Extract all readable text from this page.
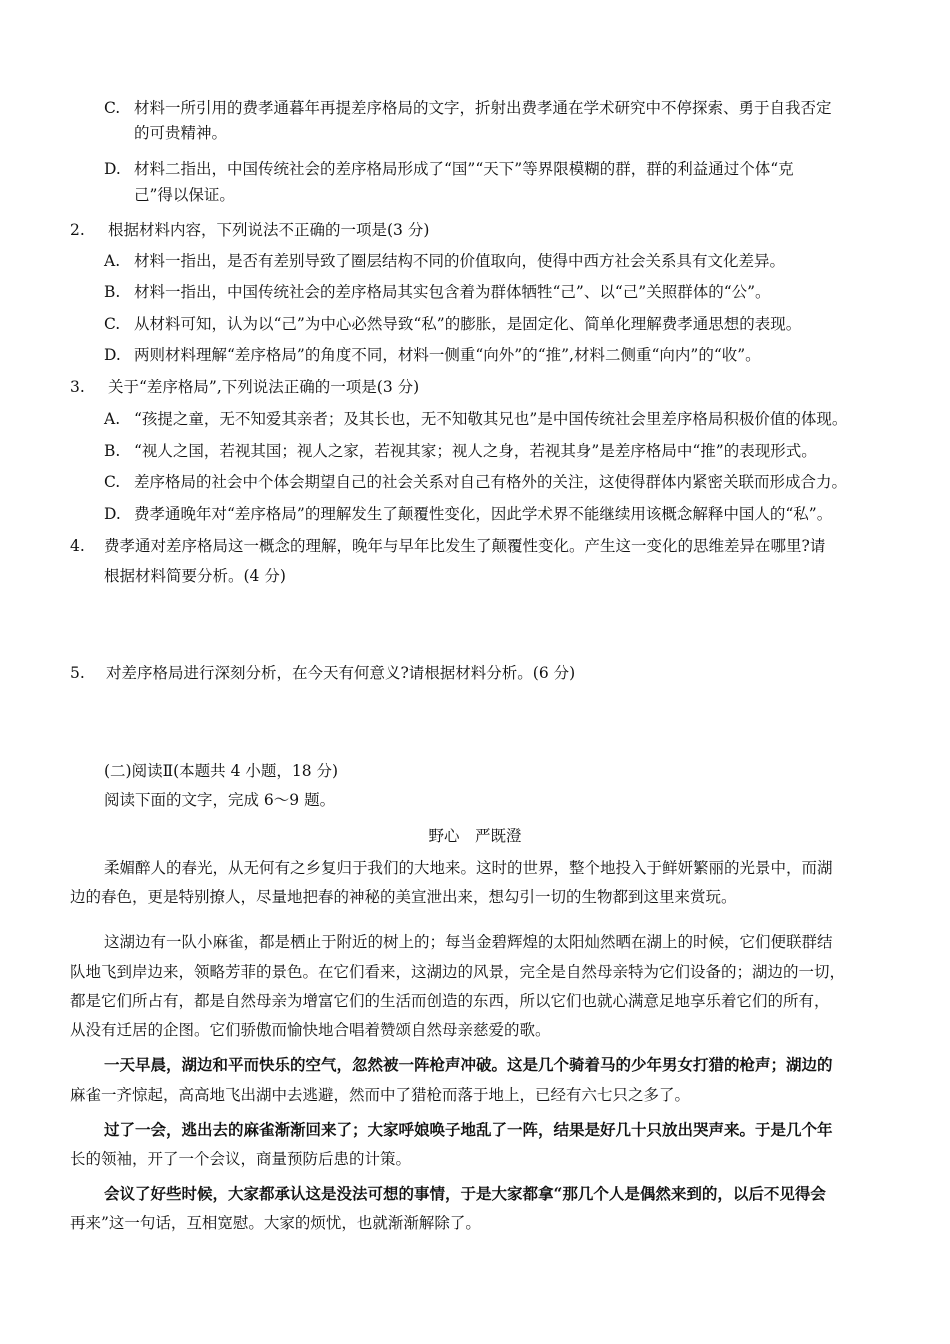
C. 材料一所引用的费孝通暮年再提差序格局的文字，折射出费孝通在学术研究中不停探索、勇于自我否定
的可贵精神。
D. 材料二指出，中国传统社会的差序格局形成了“国”“天下”等界限模糊的群，群的利益通过个体“克
己”得以保证。
2. 根据材料内容，下列说法不正确的一项是(3 分)
A. 材料一指出，是否有差别导致了圈层结构不同的价值取向，使得中西方社会关系具有文化差异。
B. 材料一指出，中国传统社会的差序格局其实包含着为群体牺牲“己”、以“己”关照群体的“公”。
C. 从材料可知，认为以“己”为中心必然导致“私”的膨胀，是固定化、简单化理解费孝通思想的表现。
D. 两则材料理解“差序格局”的角度不同，材料一侧重“向外”的“推”,材料二侧重“向内”的“收”。
3. 关于“差序格局”,下列说法正确的一项是(3 分)
A. “孩提之童，无不知爱其亲者；及其长也，无不知敬其兄也”是中国传统社会里差序格局积极价值的体现。
B. “视人之国，若视其国；视人之家，若视其家；视人之身，若视其身”是差序格局中“推”的表现形式。
C. 差序格局的社会中个体会期望自己的社会关系对自己有格外的关注，这使得群体内紧密关联而形成合力。
D. 费孝通晚年对“差序格局”的理解发生了颠覆性变化，因此学术界不能继续用该概念解释中国人的“私”。
4. 费孝通对差序格局这一概念的理解，晚年与早年比发生了颠覆性变化。产生这一变化的思维差异在哪里?请
根据材料简要分析。(4 分)
5. 对差序格局进行深刻分析，在今天有何意义?请根据材料分析。(6 分)
(二)阅读Ⅱ(本题共 4 小题，18 分)
阅读下面的文字，完成 6～9 题。
野心　严既澄
柔媚醉人的春光，从无何有之乡复归于我们的大地来。这时的世界，整个地投入于鲜妍繁丽的光景中，而湖
边的春色，更是特别撩人，尽量地把春的神秘的美宣泄出来，想勾引一切的生物都到这里来赏玩。
这湖边有一队小麻雀，都是栖止于附近的树上的；每当金碧辉煌的太阳灿然晒在湖上的时候，它们便联群结
队地飞到岸边来，领略芳菲的景色。在它们看来，这湖边的风景，完全是自然母亲特为它们设备的；湖边的一切，
都是它们所占有，都是自然母亲为增富它们的生活而创造的东西，所以它们也就心满意足地享乐着它们的所有，
从没有迁居的企图。它们骄傲而愉快地合唱着赞颂自然母亲慈爱的歌。
一天早晨，湖边和平而快乐的空气，忽然被一阵枪声冲破。这是几个骑着马的少年男女打猎的枪声；湖边的
麻雀一齐惊起，高高地飞出湖中去逃避，然而中了猎枪而落于地上，已经有六七只之多了。
过了一会，逃出去的麻雀渐渐回来了；大家呼娘唤子地乱了一阵，结果是好几十只放出哭声来。于是几个年
长的领袖，开了一个会议，商量预防后患的计策。
会议了好些时候，大家都承认这是没法可想的事情，于是大家都拿“那几个人是偶然来到的，以后不见得会
再来”这一句话，互相宽慰。大家的烦忧，也就渐渐解除了。
